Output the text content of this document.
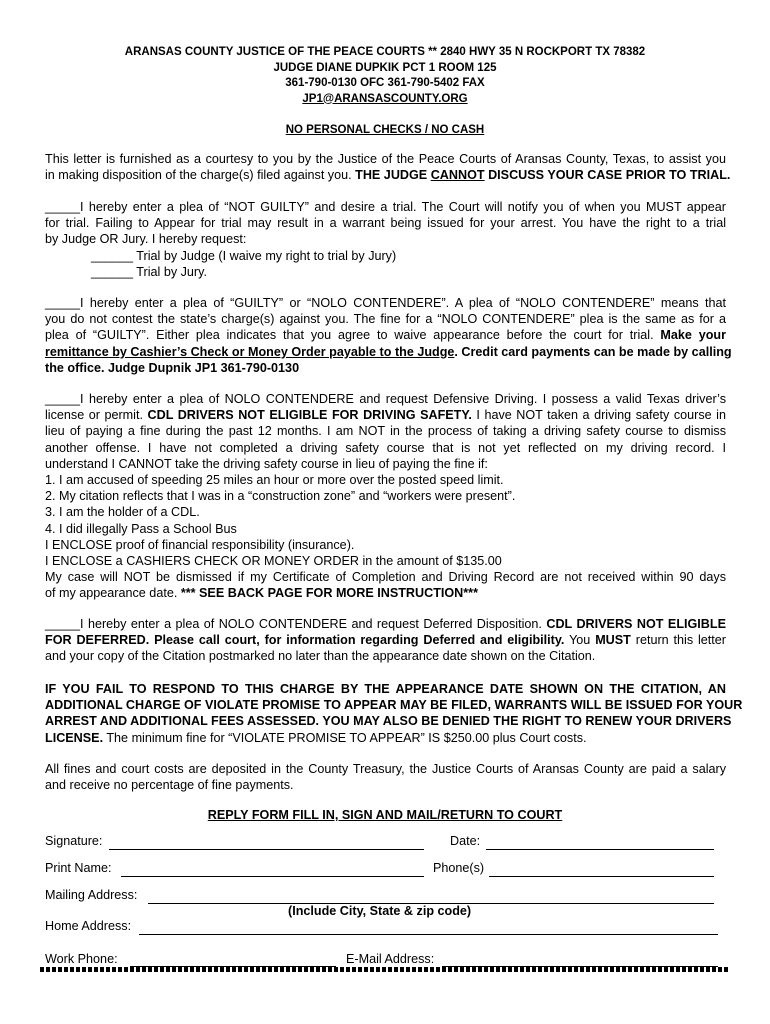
ARANSAS COUNTY JUSTICE OF THE PEACE COURTS ** 2840 HWY 35 N ROCKPORT TX 78382
JUDGE DIANE DUPKIK PCT 1 ROOM 125
361-790-0130 OFC 361-790-5402 FAX
JP1@ARANSASCOUNTY.ORG
NO PERSONAL CHECKS / NO CASH
This letter is furnished as a courtesy to you by the Justice of the Peace Courts of Aransas County, Texas, to assist you
in making disposition of the charge(s) filed against you. THE JUDGE CANNOT DISCUSS YOUR CASE PRIOR TO TRIAL.
_____I hereby enter a plea of “NOT GUILTY” and desire a trial. The Court will notify you of when you MUST appear
for trial. Failing to Appear for trial may result in a warrant being issued for your arrest. You have the right to a trial
by Judge OR Jury. I hereby request:
______ Trial by Judge (I waive my right to trial by Jury)
______ Trial by Jury.
_____I hereby enter a plea of “GUILTY” or “NOLO CONTENDERE”. A plea of “NOLO CONTENDERE” means that
you do not contest the state’s charge(s) against you. The fine for a “NOLO CONTENDERE” plea is the same as for a
plea of “GUILTY”. Either plea indicates that you agree to waive appearance before the court for trial. Make your
remittance by Cashier’s Check or Money Order payable to the Judge. Credit card payments can be made by calling
the office. Judge Dupnik JP1 361-790-0130
_____I hereby enter a plea of NOLO CONTENDERE and request Defensive Driving. I possess a valid Texas driver’s
license or permit. CDL DRIVERS NOT ELIGIBLE FOR DRIVING SAFETY. I have NOT taken a driving safety course in
lieu of paying a fine during the past 12 months. I am NOT in the process of taking a driving safety course to dismiss
another offense. I have not completed a driving safety course that is not yet reflected on my driving record. I
understand I CANNOT take the driving safety course in lieu of paying the fine if:
1. I am accused of speeding 25 miles an hour or more over the posted speed limit.
2. My citation reflects that I was in a “construction zone” and “workers were present”.
3. I am the holder of a CDL.
4. I did illegally Pass a School Bus
I ENCLOSE proof of financial responsibility (insurance).
I ENCLOSE a CASHIERS CHECK OR MONEY ORDER in the amount of $135.00
My case will NOT be dismissed if my Certificate of Completion and Driving Record are not received within 90 days
of my appearance date. *** SEE BACK PAGE FOR MORE INSTRUCTION***
_____I hereby enter a plea of NOLO CONTENDERE and request Deferred Disposition. CDL DRIVERS NOT ELIGIBLE
FOR DEFERRED. Please call court, for information regarding Deferred and eligibility. You MUST return this letter
and your copy of the Citation postmarked no later than the appearance date shown on the Citation.
IF YOU FAIL TO RESPOND TO THIS CHARGE BY THE APPEARANCE DATE SHOWN ON THE CITATION, AN
ADDITIONAL CHARGE OF VIOLATE PROMISE TO APPEAR MAY BE FILED, WARRANTS WILL BE ISSUED FOR YOUR
ARREST AND ADDITIONAL FEES ASSESSED. YOU MAY ALSO BE DENIED THE RIGHT TO RENEW YOUR DRIVERS
LICENSE. The minimum fine for “VIOLATE PROMISE TO APPEAR” IS $250.00 plus Court costs.
All fines and court costs are deposited in the County Treasury, the Justice Courts of Aransas County are paid a salary
and receive no percentage of fine payments.
REPLY FORM FILL IN, SIGN AND MAIL/RETURN TO COURT
Signature:	Date:
Print Name:	Phone(s)
Mailing Address:
(Include City, State & zip code)
Home Address:
Work Phone:	E-Mail Address:
